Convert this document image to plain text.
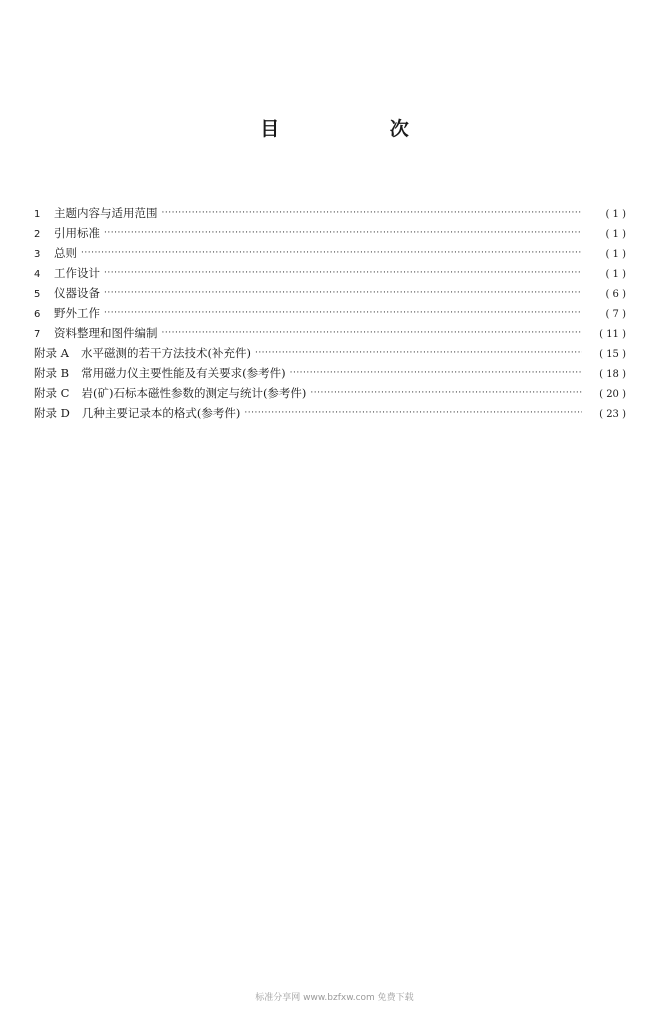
目 次
1	主题内容与适用范围 ·····	( 1 )
2	引用标准 ·····	( 1 )
3	总则 ·····	( 1 )
4	工作设计 ·····	( 1 )
5	仪器设备 ·····	( 6 )
6	野外工作 ·····	( 7 )
7	资料整理和图件编制 ·····	( 11 )
附录 A	水平磁测的若干方法技术(补充件) ·····	( 15 )
附录 B	常用磁力仪主要性能及有关要求(参考件) ·····	( 18 )
附录 C	岩(矿)石标本磁性参数的测定与统计(参考件) ·····	( 20 )
附录 D	几种主要记录本的格式(参考件) ·····	( 23 )
标准分享网 www.bzfxw.com 免费下载
